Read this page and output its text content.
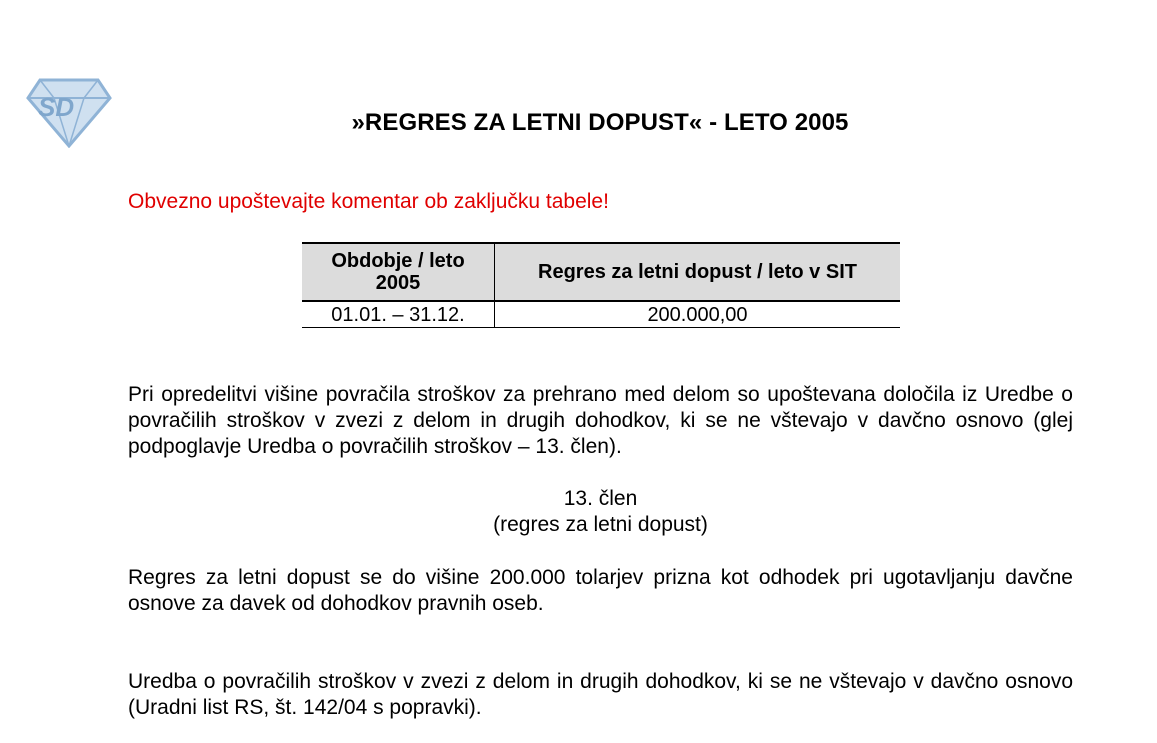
SD
»REGRES ZA LETNI DOPUST« - LETO 2005
Obvezno upoštevajte komentar ob zaključku tabele!
Obdobje / leto 2005	Regres za letni dopust / leto v SIT
01.01. – 31.12.	200.000,00
Pri opredelitvi višine povračila stroškov za prehrano med delom so upoštevana določila iz Uredbe o povračilih stroškov v zvezi z delom in drugih dohodkov, ki se ne vštevajo v davčno osnovo (glej podpoglavje Uredba o povračilih stroškov – 13. člen).
13. člen
(regres za letni dopust)
Regres za letni dopust se do višine 200.000 tolarjev prizna kot odhodek pri ugotavljanju davčne osnove za davek od dohodkov pravnih oseb.
Uredba o povračilih stroškov v zvezi z delom in drugih dohodkov, ki se ne vštevajo v davčno osnovo (Uradni list RS, št. 142/04 s popravki).
